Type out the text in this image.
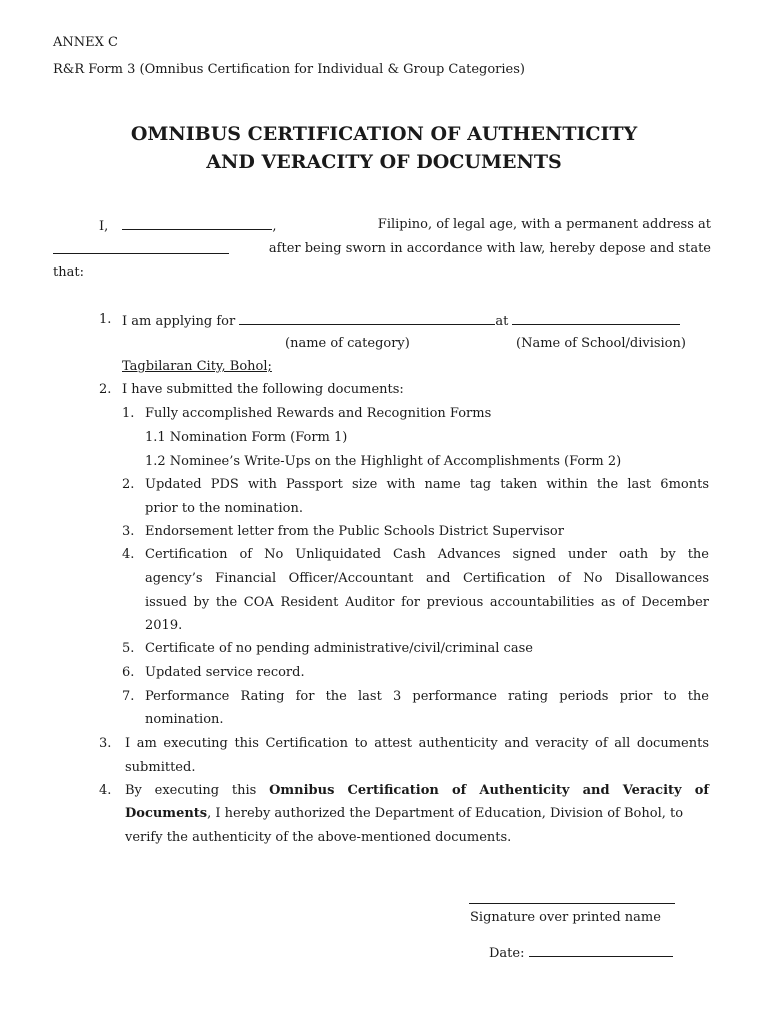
ANNEX C
R&R Form 3 (Omnibus Certification for Individual & Group Categories)
OMNIBUS CERTIFICATION OF AUTHENTICITY
AND VERACITY OF DOCUMENTS
I,	,	Filipino, of legal age, with a permanent address at
after being sworn in accordance with law, hereby depose and state
that:
1. I am applying for	at
(name of category)	(Name of School/division)
Tagbilaran City, Bohol;
2. I have submitted the following documents:
1. Fully accomplished Rewards and Recognition Forms
1.1 Nomination Form (Form 1)
1.2 Nominee’s Write-Ups on the Highlight of Accomplishments (Form 2)
2. Updated PDS with Passport size with name tag taken within the last 6monts
prior to the nomination.
3. Endorsement letter from the Public Schools District Supervisor
4. Certification of No Unliquidated Cash Advances signed under oath by the
agency’s Financial Officer/Accountant and Certification of No Disallowances
issued by the COA Resident Auditor for previous accountabilities as of December
2019.
5. Certificate of no pending administrative/civil/criminal case
6. Updated service record.
7. Performance Rating for the last 3 performance rating periods prior to the
nomination.
3. I am executing this Certification to attest authenticity and veracity of all documents
submitted.
4. By executing this Omnibus Certification of Authenticity and Veracity of
Documents, I hereby authorized the Department of Education, Division of Bohol, to
verify the authenticity of the above-mentioned documents.
Signature over printed name
Date:
